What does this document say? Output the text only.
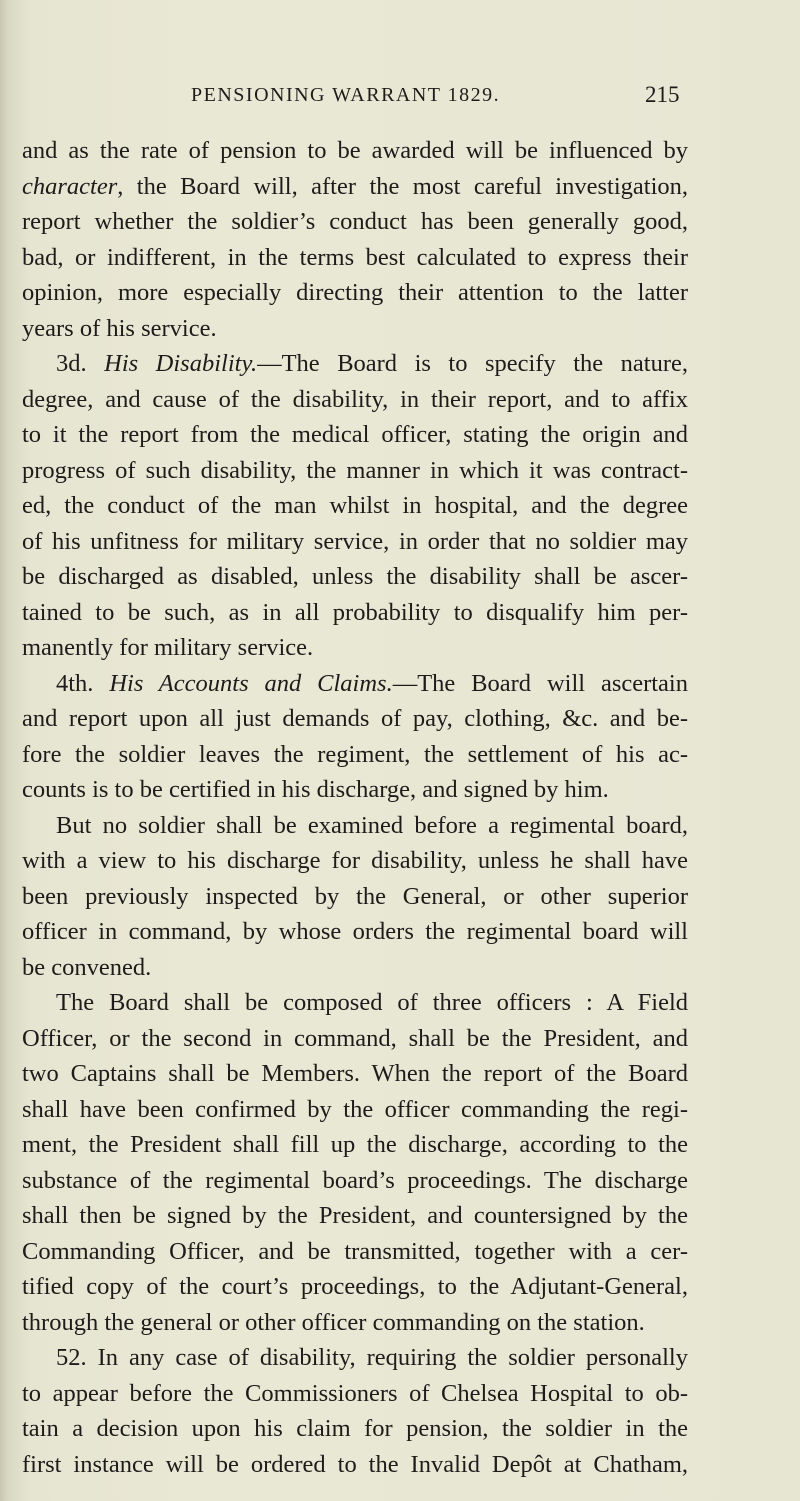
PENSIONING WARRANT 1829.	215
and as the rate of pension to be awarded will be influenced by
character, the Board will, after the most careful investigation,
report whether the soldier’s conduct has been generally good,
bad, or indifferent, in the terms best calculated to express their
opinion, more especially directing their attention to the latter
years of his service.
3d. His Disability.—The Board is to specify the nature,
degree, and cause of the disability, in their report, and to affix
to it the report from the medical officer, stating the origin and
progress of such disability, the manner in which it was contract-
ed, the conduct of the man whilst in hospital, and the degree
of his unfitness for military service, in order that no soldier may
be discharged as disabled, unless the disability shall be ascer-
tained to be such, as in all probability to disqualify him per-
manently for military service.
4th. His Accounts and Claims.—The Board will ascertain
and report upon all just demands of pay, clothing, &c. and be-
fore the soldier leaves the regiment, the settlement of his ac-
counts is to be certified in his discharge, and signed by him.
But no soldier shall be examined before a regimental board,
with a view to his discharge for disability, unless he shall have
been previously inspected by the General, or other superior
officer in command, by whose orders the regimental board will
be convened.
The Board shall be composed of three officers : A Field
Officer, or the second in command, shall be the President, and
two Captains shall be Members. When the report of the Board
shall have been confirmed by the officer commanding the regi-
ment, the President shall fill up the discharge, according to the
substance of the regimental board’s proceedings. The discharge
shall then be signed by the President, and countersigned by the
Commanding Officer, and be transmitted, together with a cer-
tified copy of the court’s proceedings, to the Adjutant-General,
through the general or other officer commanding on the station.
52. In any case of disability, requiring the soldier personally
to appear before the Commissioners of Chelsea Hospital to ob-
tain a decision upon his claim for pension, the soldier in the
first instance will be ordered to the Invalid Depôt at Chatham,
